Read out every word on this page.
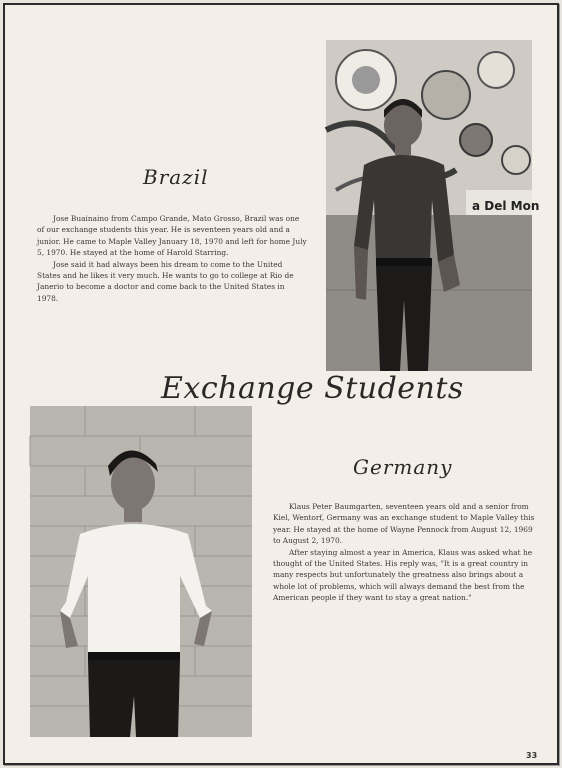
a Del Mon
Brazil

Jose Buainaino from Campo Grande, Mato Grosso, Brazil was one of our exchange students this year. He is seventeen years old and a junior. He came to Maple Valley January 18, 1970 and left for home July 5, 1970. He stayed at the home of Harold Starring.

Jose said it had always been his dream to come to the United States and he likes it very much. He wants to go to college at Rio de Janerio to become a doctor and come back to the United States in 1978.

Exchange Students
Germany

Klaus Peter Baumgarten, seventeen years old and a senior from Kiel, Wentorf, Germany was an exchange student to Maple Valley this year. He stayed at the home of Wayne Pennock from August 12, 1969 to August 2, 1970.

After staying almost a year in America, Klaus was asked what he thought of the United States. His reply was, "It is a great country in many respects but unfortunately the greatness also brings about a whole lot of problems, which will always demand the best from the American people if they want to stay a great nation."

33
